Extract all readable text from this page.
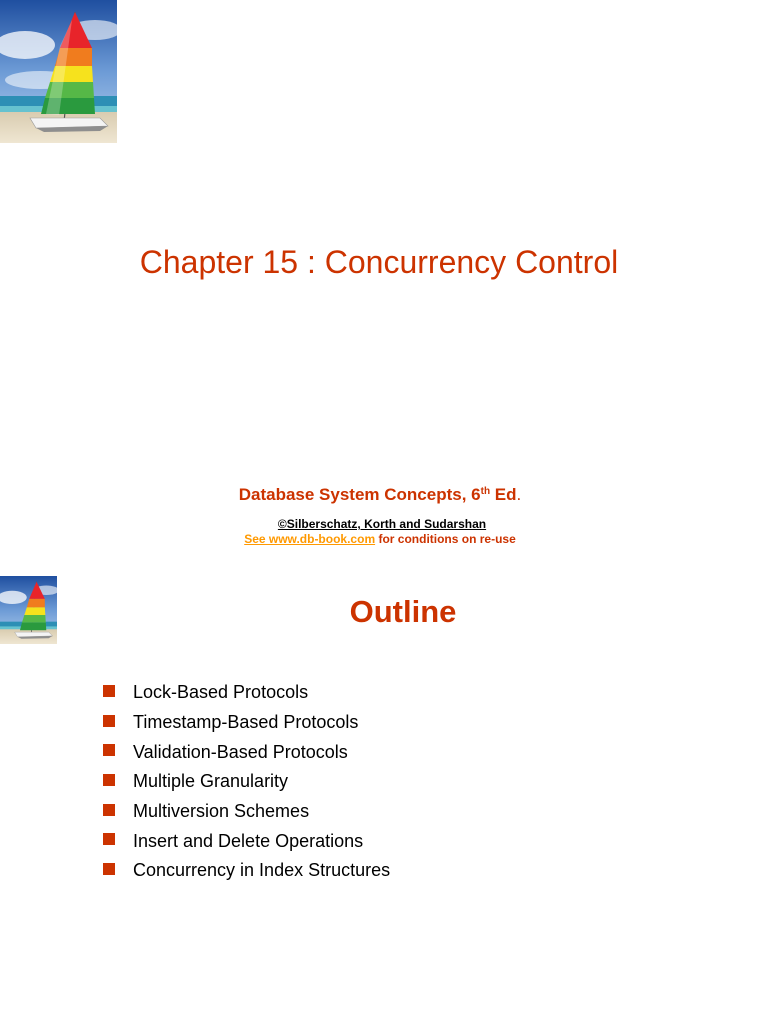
Chapter 15 : Concurrency Control
Database System Concepts, 6th Ed.
©Silberschatz, Korth and Sudarshan
See www.db-book.com for conditions on re-use
Outline
Lock-Based Protocols
Timestamp-Based Protocols
Validation-Based Protocols
Multiple Granularity
Multiversion Schemes
Insert and Delete Operations
Concurrency in Index Structures
